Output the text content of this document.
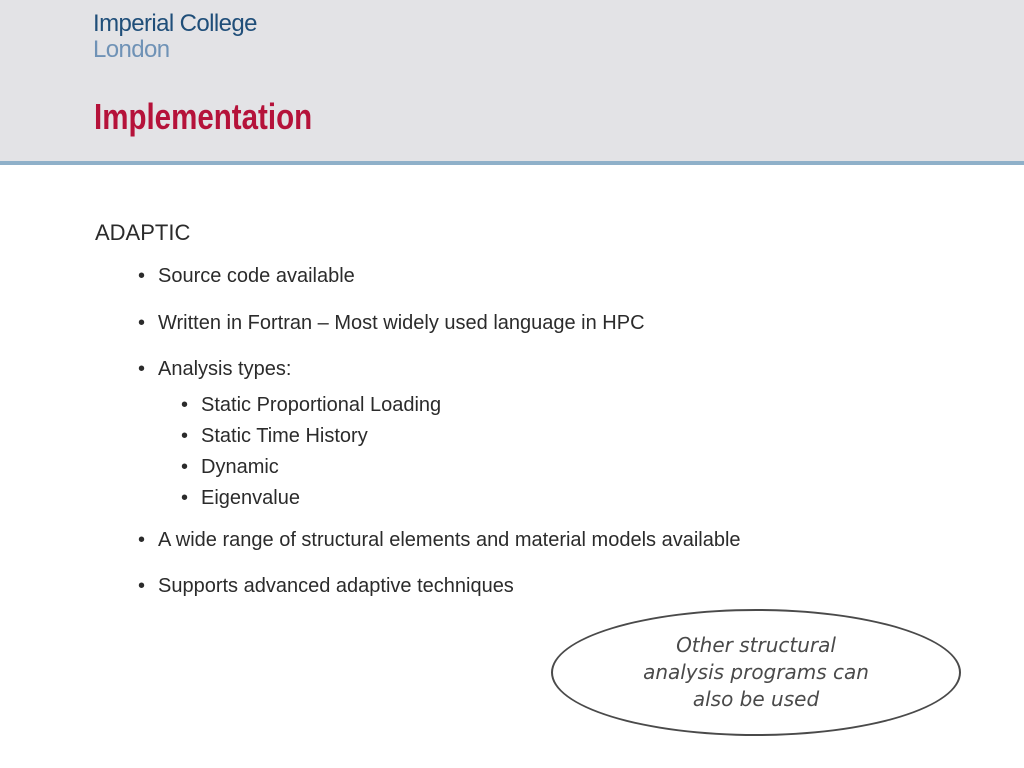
Imperial College
London
Implementation
ADAPTIC
• Source code available
• Written in Fortran – Most widely used language in HPC
• Analysis types:
• Static Proportional Loading
• Static Time History
• Dynamic
• Eigenvalue
• A wide range of structural elements and material models available
• Supports advanced adaptive techniques
Other structural
analysis programs can
also be used
